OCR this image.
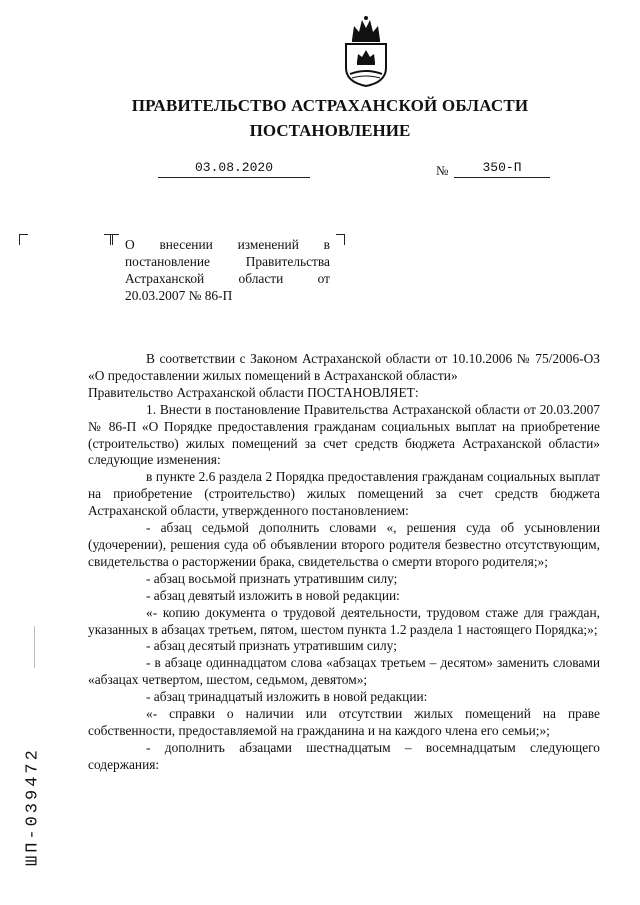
ПРАВИТЕЛЬСТВО АСТРАХАНСКОЙ ОБЛАСТИ
ПОСТАНОВЛЕНИЕ
03.08.2020	№	350-П
О внесении изменений в постановление Правительства Астраханской области от 20.03.2007 № 86-П

В соответствии с Законом Астраханской области от 10.10.2006 № 75/2006-ОЗ «О предоставлении жилых помещений в Астраханской области»

Правительство Астраханской области ПОСТАНОВЛЯЕТ:

1. Внести в постановление Правительства Астраханской области от 20.03.2007 № 86-П «О Порядке предоставления гражданам социальных выплат на приобретение (строительство) жилых помещений за счет средств бюджета Астраханской области» следующие изменения:

в пункте 2.6 раздела 2 Порядка предоставления гражданам социальных выплат на приобретение (строительство) жилых помещений за счет средств бюджета Астраханской области, утвержденного постановлением:

- абзац седьмой дополнить словами «, решения суда об усыновлении (удочерении), решения суда об объявлении второго родителя безвестно отсутствующим, свидетельства о расторжении брака, свидетельства о смерти второго родителя;»;

- абзац восьмой признать утратившим силу;

- абзац девятый изложить в новой редакции:

«- копию документа о трудовой деятельности, трудовом стаже для граждан, указанных в абзацах третьем, пятом, шестом пункта 1.2 раздела 1 настоящего Порядка;»;

- абзац десятый признать утратившим силу;

- в абзаце одиннадцатом слова «абзацах третьем – десятом» заменить словами «абзацах четвертом, шестом, седьмом, девятом»;

- абзац тринадцатый изложить в новой редакции:

«- справки о наличии или отсутствии жилых помещений на праве собственности, предоставляемой на гражданина и на каждого члена его семьи;»;

- дополнить абзацами шестнадцатым – восемнадцатым следующего содержания:

ШП-039472
